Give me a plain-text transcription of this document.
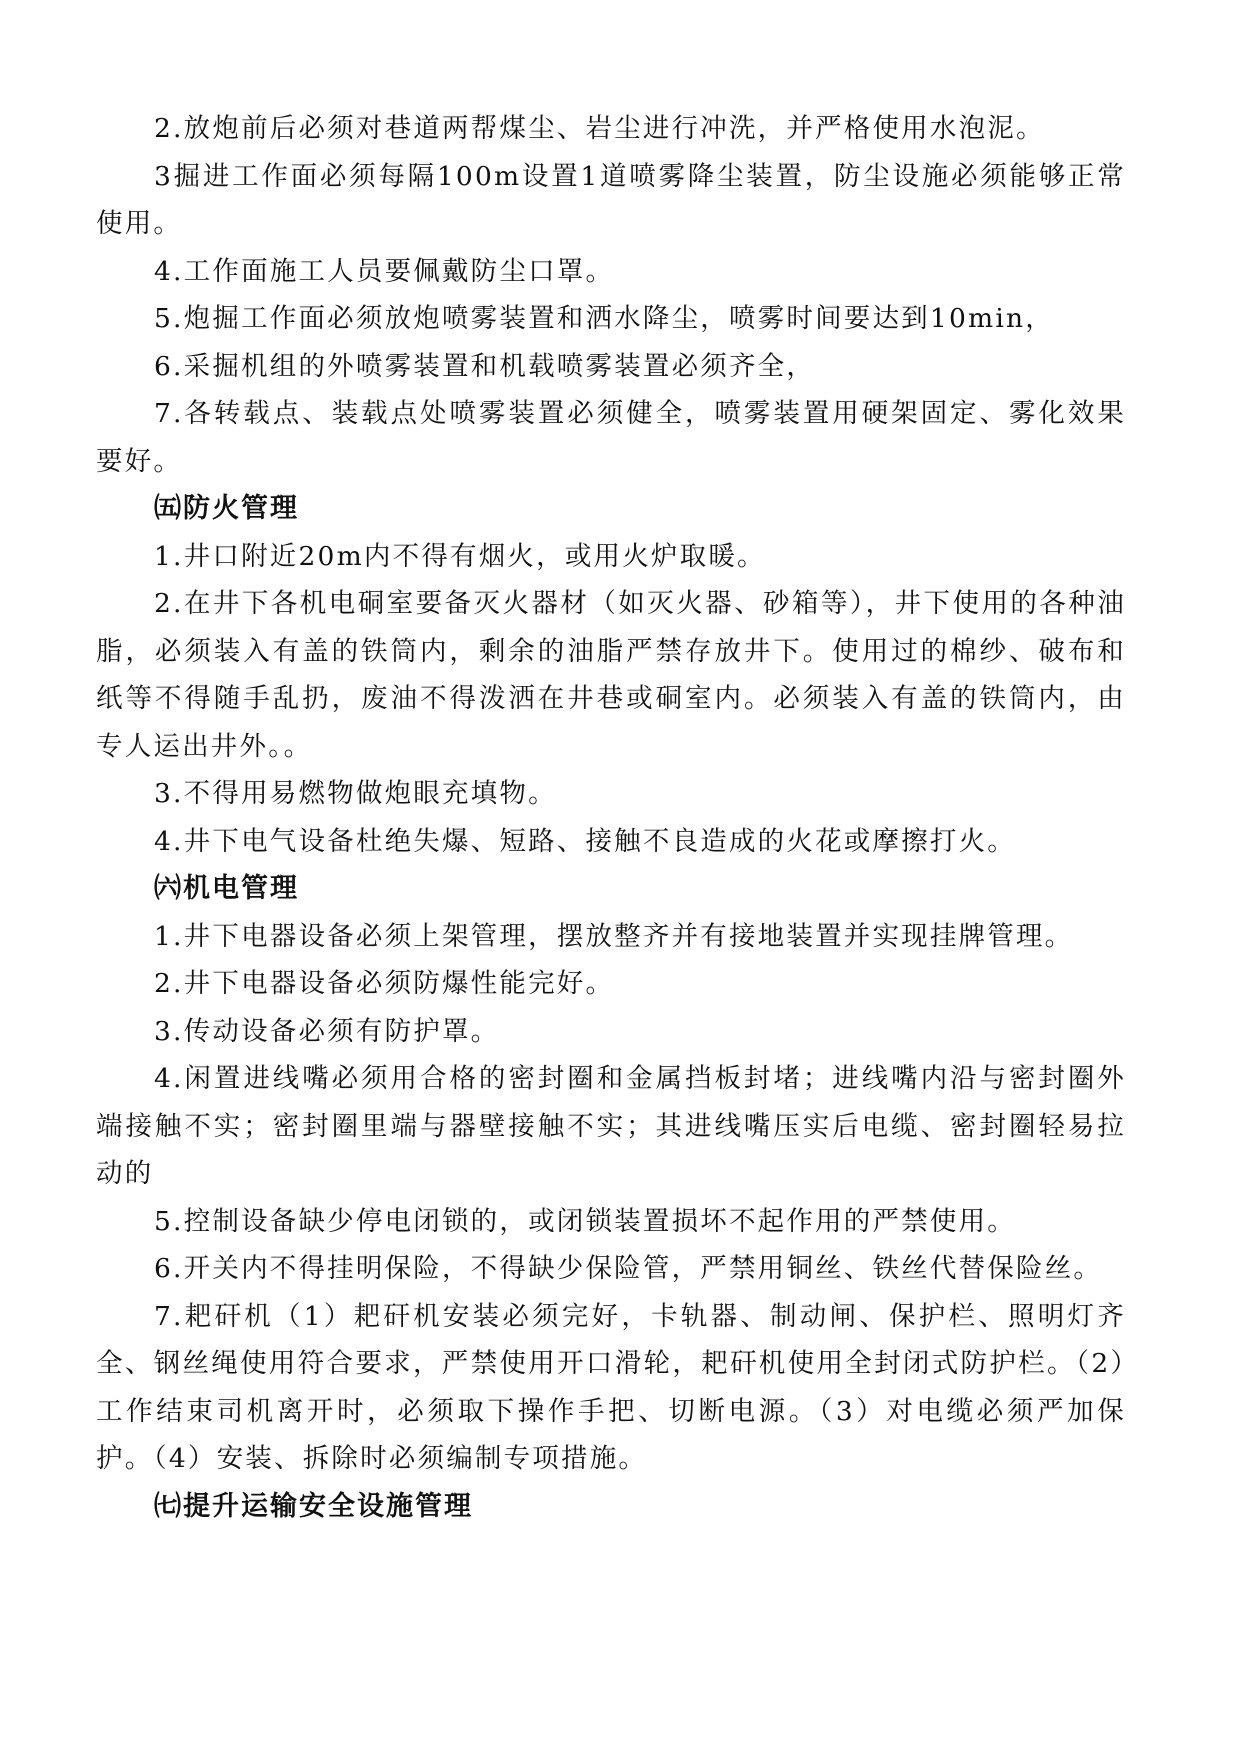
2.放炮前后必须对巷道两帮煤尘、岩尘进行冲洗，并严格使用水泡泥。

3掘进工作面必须每隔100m设置1道喷雾降尘装置，防尘设施必须能够正常使用。

4.工作面施工人员要佩戴防尘口罩。

5.炮掘工作面必须放炮喷雾装置和洒水降尘，喷雾时间要达到10min，

6.采掘机组的外喷雾装置和机载喷雾装置必须齐全，

7.各转载点、装载点处喷雾装置必须健全，喷雾装置用硬架固定、雾化效果要好。

㈤防火管理

1.井口附近20m内不得有烟火，或用火炉取暖。

2.在井下各机电硐室要备灭火器材（如灭火器、砂箱等），井下使用的各种油脂，必须装入有盖的铁筒内，剩余的油脂严禁存放井下。使用过的棉纱、破布和纸等不得随手乱扔，废油不得泼洒在井巷或硐室内。必须装入有盖的铁筒内，由专人运出井外。。

3.不得用易燃物做炮眼充填物。

4.井下电气设备杜绝失爆、短路、接触不良造成的火花或摩擦打火。

㈥机电管理

1.井下电器设备必须上架管理，摆放整齐并有接地装置并实现挂牌管理。

2.井下电器设备必须防爆性能完好。

3.传动设备必须有防护罩。

4.闲置进线嘴必须用合格的密封圈和金属挡板封堵；进线嘴内沿与密封圈外端接触不实；密封圈里端与器壁接触不实；其进线嘴压实后电缆、密封圈轻易拉动的

5.控制设备缺少停电闭锁的，或闭锁装置损坏不起作用的严禁使用。

6.开关内不得挂明保险，不得缺少保险管，严禁用铜丝、铁丝代替保险丝。

7.耙矸机（1）耙矸机安装必须完好，卡轨器、制动闸、保护栏、照明灯齐全、钢丝绳使用符合要求，严禁使用开口滑轮，耙矸机使用全封闭式防护栏。（2）工作结束司机离开时，必须取下操作手把、切断电源。（3）对电缆必须严加保护。（4）安装、拆除时必须编制专项措施。

㈦提升运输安全设施管理
